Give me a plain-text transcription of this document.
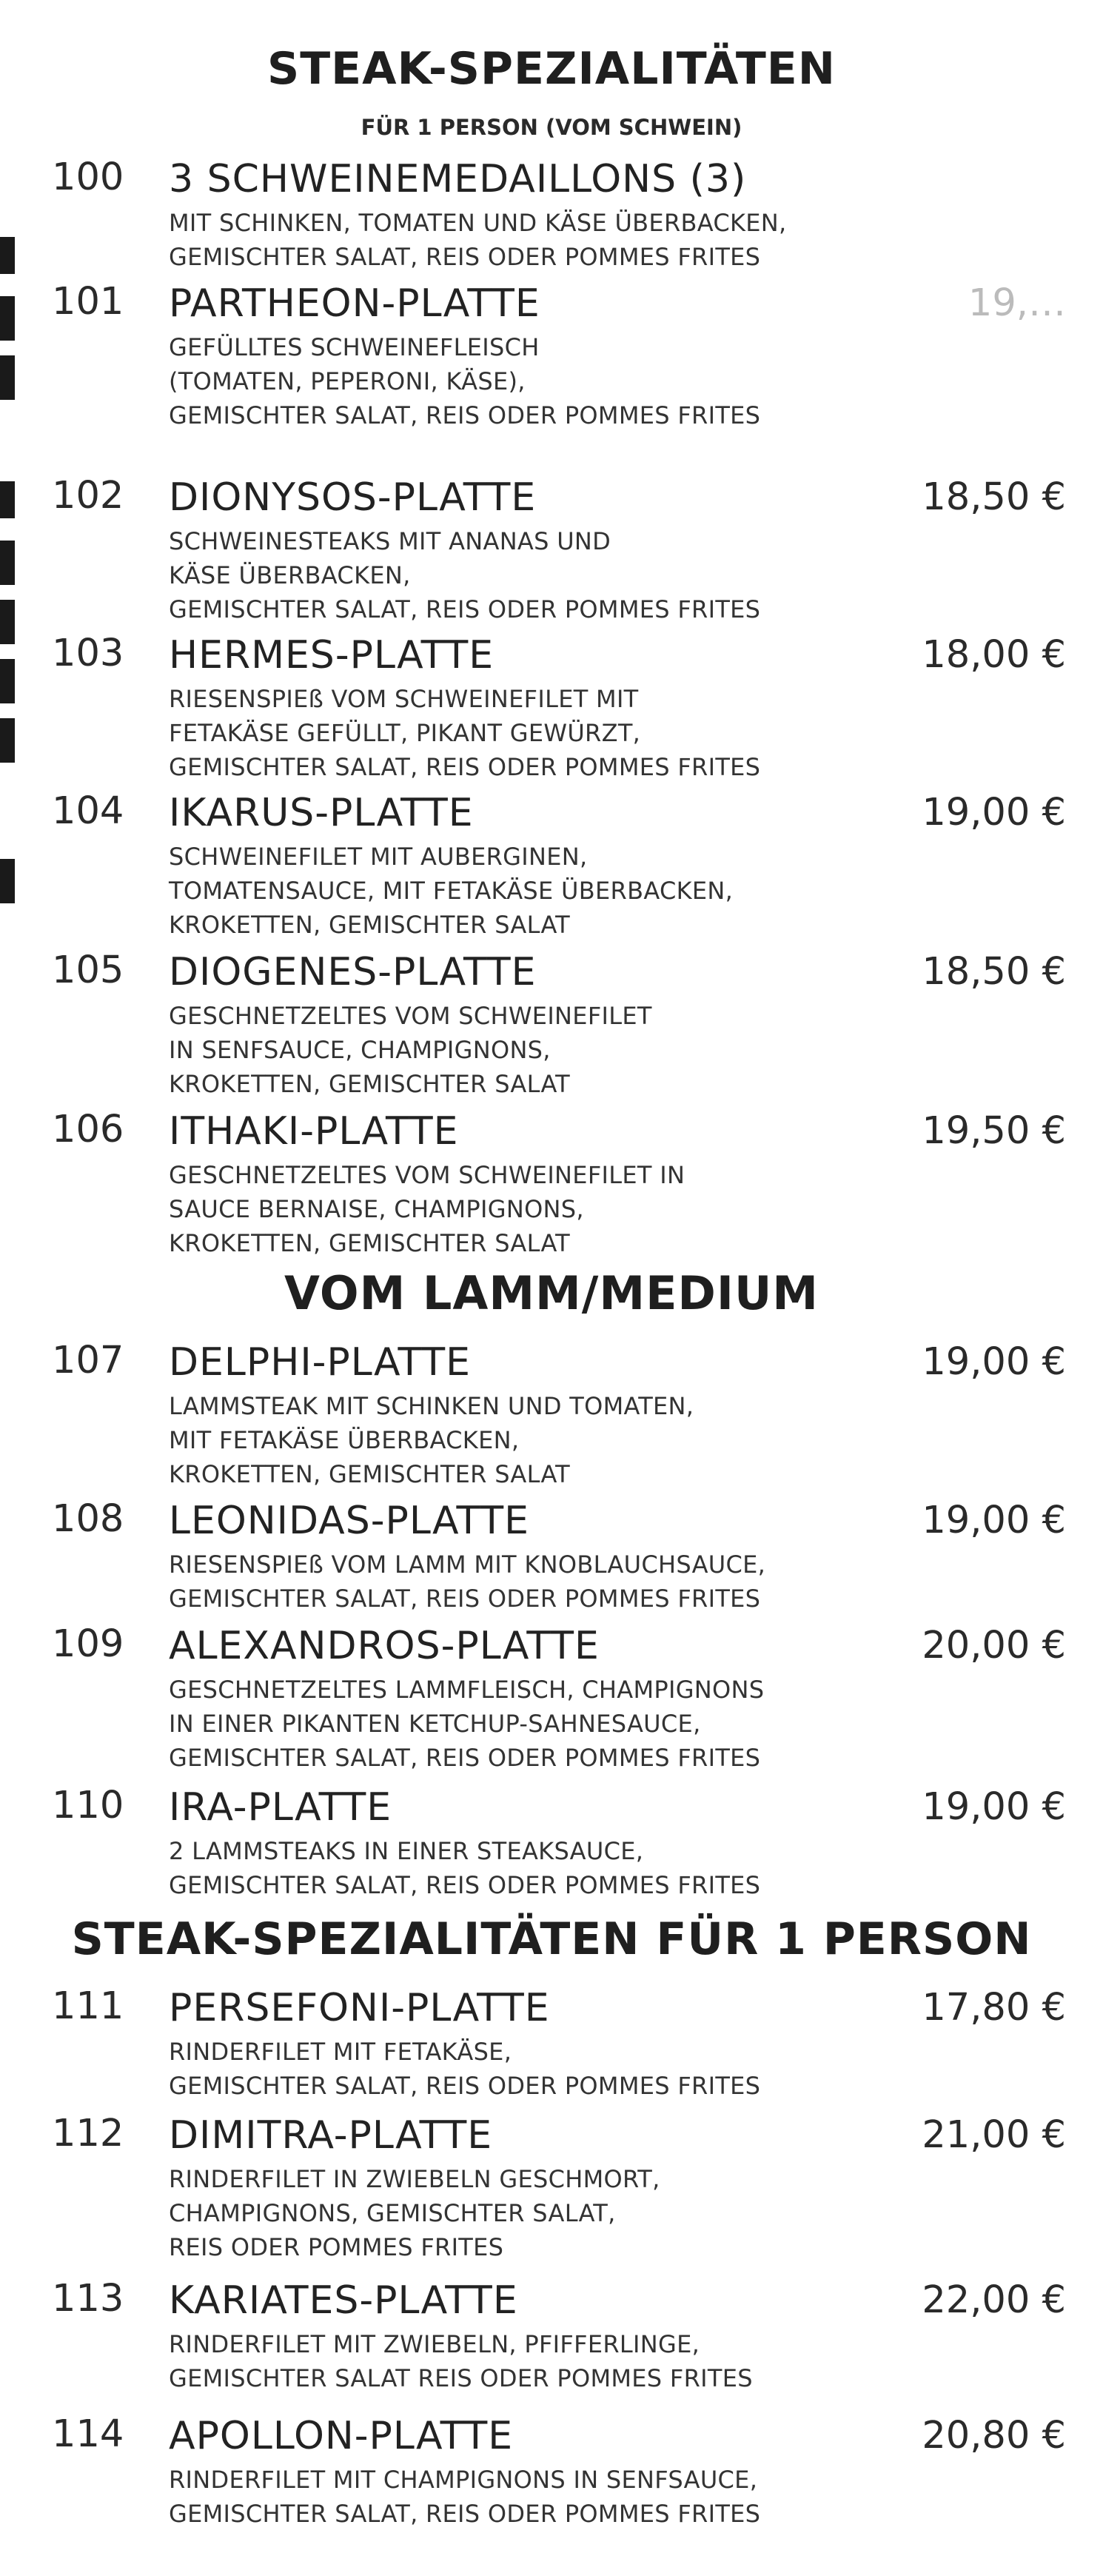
STEAK-SPEZIALITÄTEN
FÜR 1 PERSON (VOM SCHWEIN)
100 3 SCHWEINEMEDAILLONS (3)
MIT SCHINKEN, TOMATEN UND KÄSE ÜBERBACKEN,
GEMISCHTER SALAT, REIS ODER POMMES FRITES
101 PARTHEON-PLATTE	19,…
GEFÜLLTES SCHWEINEFLEISCH
(TOMATEN, PEPERONI, KÄSE),
GEMISCHTER SALAT, REIS ODER POMMES FRITES
102 DIONYSOS-PLATTE	18,50 €
SCHWEINESTEAKS MIT ANANAS UND
KÄSE ÜBERBACKEN,
GEMISCHTER SALAT, REIS ODER POMMES FRITES
103 HERMES-PLATTE	18,00 €
RIESENSPIEß VOM SCHWEINEFILET MIT
FETAKÄSE GEFÜLLT, PIKANT GEWÜRZT,
GEMISCHTER SALAT, REIS ODER POMMES FRITES
104 IKARUS-PLATTE	19,00 €
SCHWEINEFILET MIT AUBERGINEN,
TOMATENSAUCE, MIT FETAKÄSE ÜBERBACKEN,
KROKETTEN, GEMISCHTER SALAT
105 DIOGENES-PLATTE	18,50 €
GESCHNETZELTES VOM SCHWEINEFILET
IN SENFSAUCE, CHAMPIGNONS,
KROKETTEN, GEMISCHTER SALAT
106 ITHAKI-PLATTE	19,50 €
GESCHNETZELTES VOM SCHWEINEFILET IN
SAUCE BERNAISE, CHAMPIGNONS,
KROKETTEN, GEMISCHTER SALAT
VOM LAMM/MEDIUM
107 DELPHI-PLATTE	19,00 €
LAMMSTEAK MIT SCHINKEN UND TOMATEN,
MIT FETAKÄSE ÜBERBACKEN,
KROKETTEN, GEMISCHTER SALAT
108 LEONIDAS-PLATTE	19,00 €
RIESENSPIEß VOM LAMM MIT KNOBLAUCHSAUCE,
GEMISCHTER SALAT, REIS ODER POMMES FRITES
109 ALEXANDROS-PLATTE	20,00 €
GESCHNETZELTES LAMMFLEISCH, CHAMPIGNONS
IN EINER PIKANTEN KETCHUP-SAHNESAUCE,
GEMISCHTER SALAT, REIS ODER POMMES FRITES
110 IRA-PLATTE	19,00 €
2 LAMMSTEAKS IN EINER STEAKSAUCE,
GEMISCHTER SALAT, REIS ODER POMMES FRITES
STEAK-SPEZIALITÄTEN FÜR 1 PERSON
111 PERSEFONI-PLATTE	17,80 €
RINDERFILET MIT FETAKÄSE,
GEMISCHTER SALAT, REIS ODER POMMES FRITES
112 DIMITRA-PLATTE	21,00 €
RINDERFILET IN ZWIEBELN GESCHMORT,
CHAMPIGNONS, GEMISCHTER SALAT,
REIS ODER POMMES FRITES
113 KARIATES-PLATTE	22,00 €
RINDERFILET MIT ZWIEBELN, PFIFFERLINGE,
GEMISCHTER SALAT REIS ODER POMMES FRITES
114 APOLLON-PLATTE	20,80 €
RINDERFILET MIT CHAMPIGNONS IN SENFSAUCE,
GEMISCHTER SALAT, REIS ODER POMMES FRITES
